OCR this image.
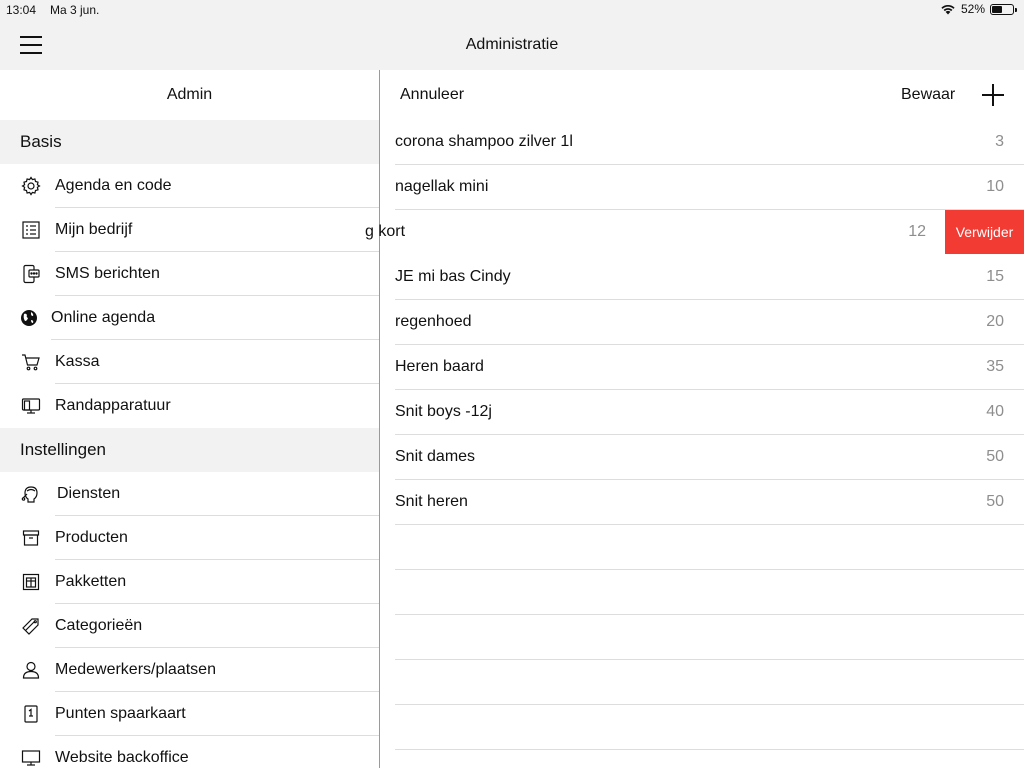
13:04 Ma 3 jun.	52%
Administratie
Admin
Basis
Agenda en code
Mijn bedrijf
SMS berichten
Online agenda
Kassa
Randapparatuur
Instellingen
Diensten
Producten
Pakketten
Categorieën
Medewerkers/plaatsen
Punten spaarkaart
Website backoffice
Annuleer	Bewaar
corona shampoo zilver 1l	3
nagellak mini	10
g kort	12	Verwijder
JE mi bas Cindy	15
regenhoed	20
Heren baard	35
Snit boys -12j	40
Snit dames	50
Snit heren	50
